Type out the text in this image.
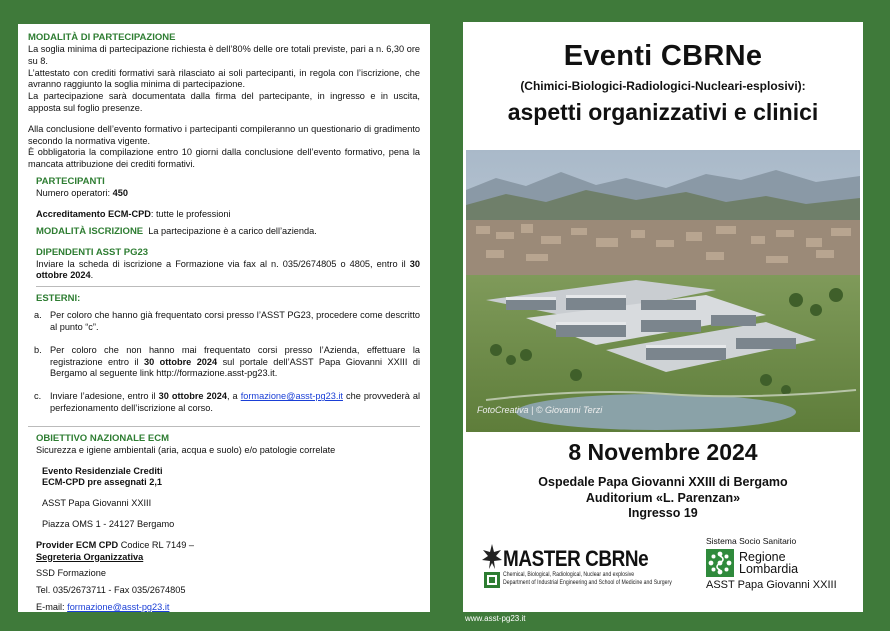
MODALITÀ DI PARTECIPAZIONE

La soglia minima di partecipazione richiesta è dell’80% delle ore totali previste, pari a n. 6,30 ore su 8.

L’attestato con crediti formativi sarà rilasciato ai soli partecipanti, in regola con l’iscrizione, che avranno raggiunto la soglia minima di partecipazione.

La partecipazione sarà documentata dalla firma del partecipante, in ingresso e in uscita, apposta sul foglio presenze.

Alla conclusione dell’evento formativo i partecipanti compileranno un questionario di gradimento secondo la normativa vigente.

È obbligatoria la compilazione entro 10 giorni dalla conclusione dell’evento formativo, pena la mancata attribuzione dei crediti formativi.

PARTECIPANTI

Numero operatori: 450

Accreditamento ECM-CPD: tutte le professioni

MODALITÀ ISCRIZIONE La partecipazione è a carico dell’azienda.

DIPENDENTI ASST PG23

Inviare la scheda di iscrizione a Formazione via fax al n. 035/2674805 o 4805, entro il 30 ottobre 2024.

ESTERNI:
a. Per coloro che hanno già frequentato corsi presso l’ASST PG23, procedere come descritto al punto “c”.
b. Per coloro che non hanno mai frequentato corsi presso l’Azienda, effettuare la registrazione entro il 30 ottobre 2024 sul portale dell’ASST Papa Giovanni XXIII di Bergamo al seguente link http://formazione.asst-pg23.it.
c. Inviare l’adesione, entro il 30 ottobre 2024, a formazione@asst-pg23.it che provvederà al perfezionamento dell’iscrizione al corso.
OBIETTIVO NAZIONALE ECM

Sicurezza e igiene ambientali (aria, acqua e suolo) e/o patologie correlate

Evento Residenziale Crediti

ECM-CPD pre assegnati 2,1

ASST Papa Giovanni XXIII

Piazza OMS 1 - 24127 Bergamo

Provider ECM CPD Codice RL 7149 –

Segreteria Organizzativa

SSD Formazione

Tel. 035/2673711 - Fax 035/2674805

E-mail: formazione@asst-pg23.it

Eventi CBRNe
(Chimici-Biologici-Radiologici-Nucleari-esplosivi):
aspetti organizzativi e clinici
FotoCreativa | © Giovanni Terzi
8 Novembre 2024
Ospedale Papa Giovanni XXIII di Bergamo
Auditorium «L. Parenzan»
Ingresso 19
MASTER CBRNe
Chemical, Biological, Radiological, Nuclear and explosive
Department of Industrial Engineering and School of Medicine and Surgery
Sistema Socio Sanitario
Regione
Lombardia
ASST Papa Giovanni XXIII
www.asst-pg23.it
